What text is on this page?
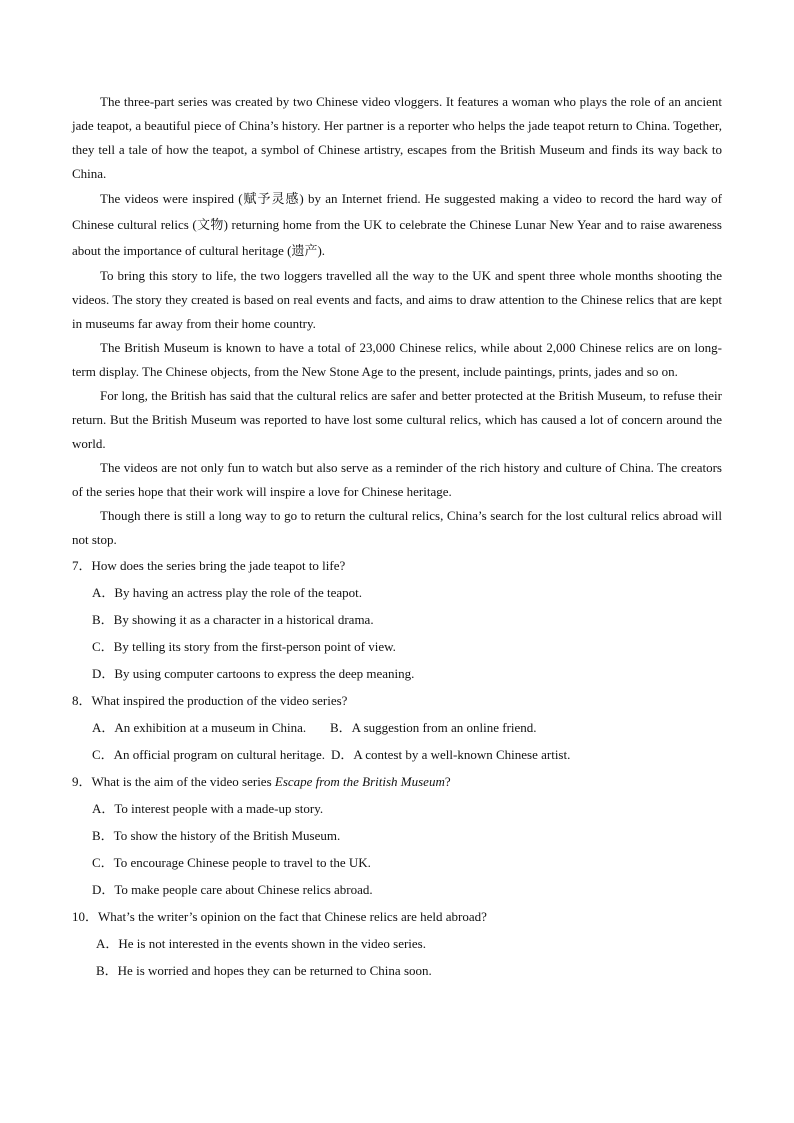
The three-part series was created by two Chinese video vloggers. It features a woman who plays the role of an ancient jade teapot, a beautiful piece of China’s history. Her partner is a reporter who helps the jade teapot return to China. Together, they tell a tale of how the teapot, a symbol of Chinese artistry, escapes from the British Museum and finds its way back to China.

The videos were inspired (赋予灵感) by an Internet friend. He suggested making a video to record the hard way of Chinese cultural relics (文物) returning home from the UK to celebrate the Chinese Lunar New Year and to raise awareness about the importance of cultural heritage (遗产).

To bring this story to life, the two loggers travelled all the way to the UK and spent three whole months shooting the videos. The story they created is based on real events and facts, and aims to draw attention to the Chinese relics that are kept in museums far away from their home country.

The British Museum is known to have a total of 23,000 Chinese relics, while about 2,000 Chinese relics are on long-term display. The Chinese objects, from the New Stone Age to the present, include paintings, prints, jades and so on.

For long, the British has said that the cultural relics are safer and better protected at the British Museum, to refuse their return. But the British Museum was reported to have lost some cultural relics, which has caused a lot of concern around the world.

The videos are not only fun to watch but also serve as a reminder of the rich history and culture of China. The creators of the series hope that their work will inspire a love for Chinese heritage.

Though there is still a long way to go to return the cultural relics, China’s search for the lost cultural relics abroad will not stop.

7．How does the series bring the jade teapot to life?

A．By having an actress play the role of the teapot.

B．By showing it as a character in a historical drama.

C．By telling its story from the first-person point of view.

D．By using computer cartoons to express the deep meaning.

8．What inspired the production of the video series?

A．An exhibition at a museum in China.	B．A suggestion from an online friend.
C．An official program on cultural heritage. D．A contest by a well-known Chinese artist.

9．What is the aim of the video series Escape from the British Museum?

A．To interest people with a made-up story.

B．To show the history of the British Museum.

C．To encourage Chinese people to travel to the UK.

D．To make people care about Chinese relics abroad.

10．What’s the writer’s opinion on the fact that Chinese relics are held abroad?

A．He is not interested in the events shown in the video series.

B．He is worried and hopes they can be returned to China soon.
